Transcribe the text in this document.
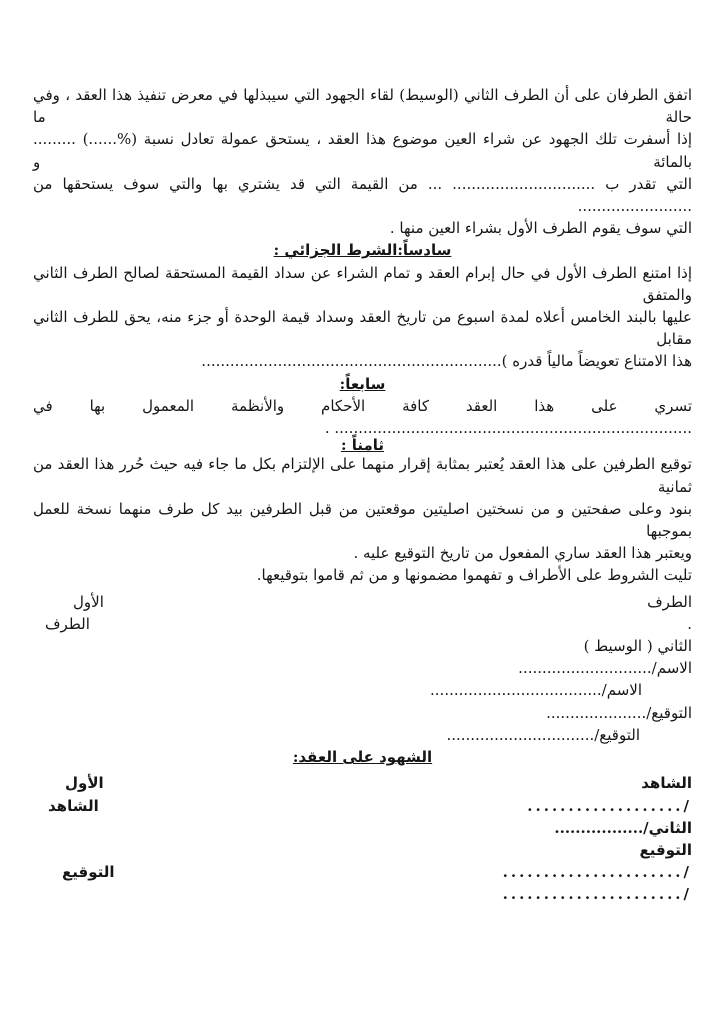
اتفق الطرفان على أن الطرف الثاني (الوسيط) لقاء الجهود التي سيبذلها في معرض تنفيذ هذا العقد ، وفي حالة ما
إذا أسفرت تلك الجهود عن شراء العين موضوع هذا العقد ، يستحق عمولة تعادل نسبة (%......) ......... بالمائة و
التي تقدر ب .............................. ... من القيمة التي قد يشتري بها والتي سوف يستحقها من ........................
التي سوف يقوم الطرف الأول بشراء العين منها .
سادساً:الشرط الجزائي :
إذا امتنع الطرف الأول في حال إبرام العقد و تمام الشراء عن سداد القيمة المستحقة لصالح الطرف الثاني والمتفق
عليها بالبند الخامس أعلاه لمدة اسبوع من تاريخ العقد وسداد قيمة الوحدة أو جزء منه، يحق للطرف الثاني مقابل
هذا الامتناع تعويضاً مالياً قدره )...............................................................
سابعاً:
تسري على هذا العقد كافة الأحكام والأنظمة المعمول بها في
........................................................................... .
ثامناً :
توقيع الطرفين على هذا العقد يُعتبر بمثابة إقرار منهما على الإلتزام بكل ما جاء فيه حيث حُرر هذا العقد من ثمانية
بنود وعلى صفحتين و من نسختين اصليتين موقعتين من قبل الطرفين بيد كل طرف منهما نسخة للعمل بموجبها
ويعتبر هذا العقد ساري المفعول من تاريخ التوقيع عليه .
تليت الشروط على الأطراف و تفهموا مضمونها و من ثم قاموا بتوقيعها.
الطرف
الأول
.
الطرف
الثاني ( الوسيط )
الاسم/............................
الاسم/....................................
التوقيع/.....................
التوقيع/...............................
الشهود على العقد:
الشاهد
الأول
/...................
الشاهد
الثاني/.................
التوقيع
/......................
التوقيع
/......................
